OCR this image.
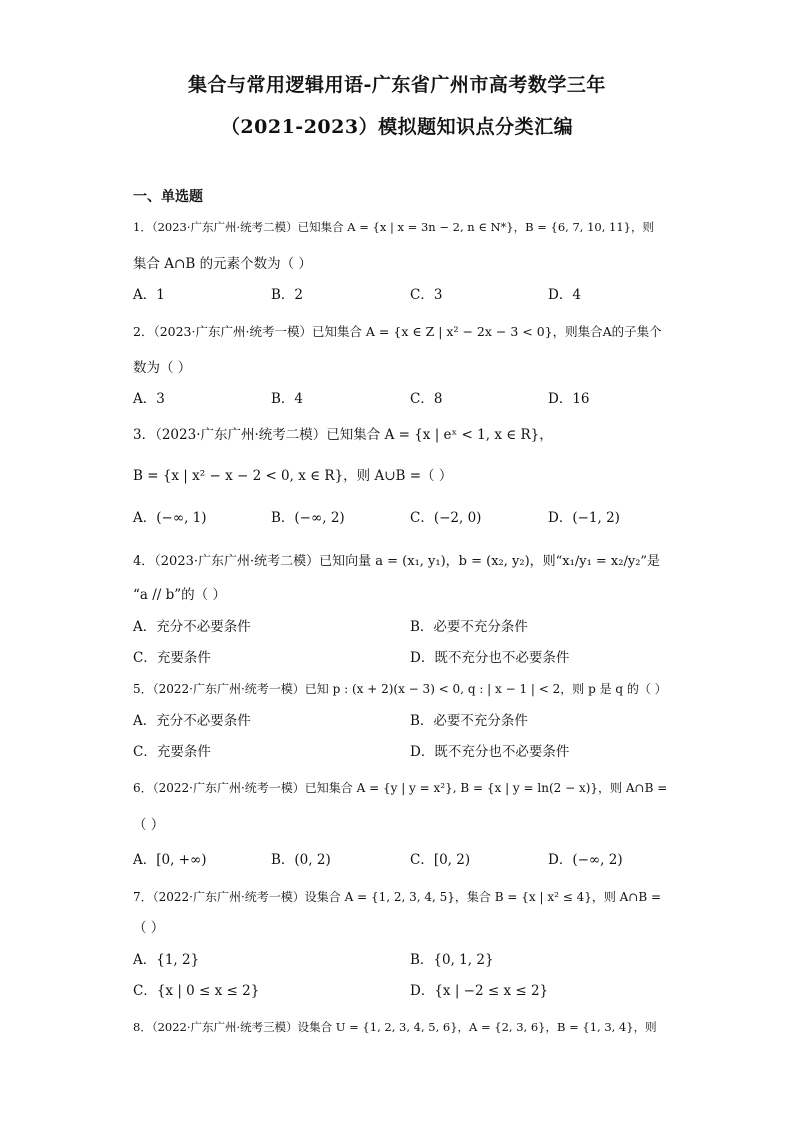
集合与常用逻辑用语-广东省广州市高考数学三年
（2021-2023）模拟题知识点分类汇编
一、单选题
1．（2023·广东广州·统考二模）已知集合 A = {x | x = 3n − 2, n ∈ N*}，B = {6, 7, 10, 11}，则
集合 A∩B 的元素个数为（ ）
A．1	B．2	C．3	D．4
2．（2023·广东广州·统考一模）已知集合 A = {x ∈ Z | x² − 2x − 3 < 0}，则集合A的子集个
数为（ ）
A．3	B．4	C．8	D．16
3．（2023·广东广州·统考二模）已知集合 A = {x | eˣ < 1, x ∈ R}，
B = {x | x² − x − 2 < 0, x ∈ R}，则 A∪B =（ ）
A．(−∞, 1)	B．(−∞, 2)	C．(−2, 0)	D．(−1, 2)
4．（2023·广东广州·统考二模）已知向量 a = (x₁, y₁)，b = (x₂, y₂)，则“x₁/y₁ = x₂/y₂”是
“a // b”的（ ）
A．充分不必要条件	B．必要不充分条件
C．充要条件	D．既不充分也不必要条件
5．（2022·广东广州·统考一模）已知 p : (x + 2)(x − 3) < 0, q : | x − 1 | < 2，则 p 是 q 的（ ）
A．充分不必要条件	B．必要不充分条件
C．充要条件	D．既不充分也不必要条件
6．（2022·广东广州·统考一模）已知集合 A = {y | y = x²}, B = {x | y = ln(2 − x)}，则 A∩B =
（ ）
A．[0, +∞)	B．(0, 2)	C．[0, 2)	D．(−∞, 2)
7．（2022·广东广州·统考一模）设集合 A = {1, 2, 3, 4, 5}，集合 B = {x | x² ≤ 4}，则 A∩B =
（ ）
A．{1, 2}	B．{0, 1, 2}
C．{x | 0 ≤ x ≤ 2}	D．{x | −2 ≤ x ≤ 2}
8．（2022·广东广州·统考三模）设集合 U = {1, 2, 3, 4, 5, 6}，A = {2, 3, 6}，B = {1, 3, 4}，则
